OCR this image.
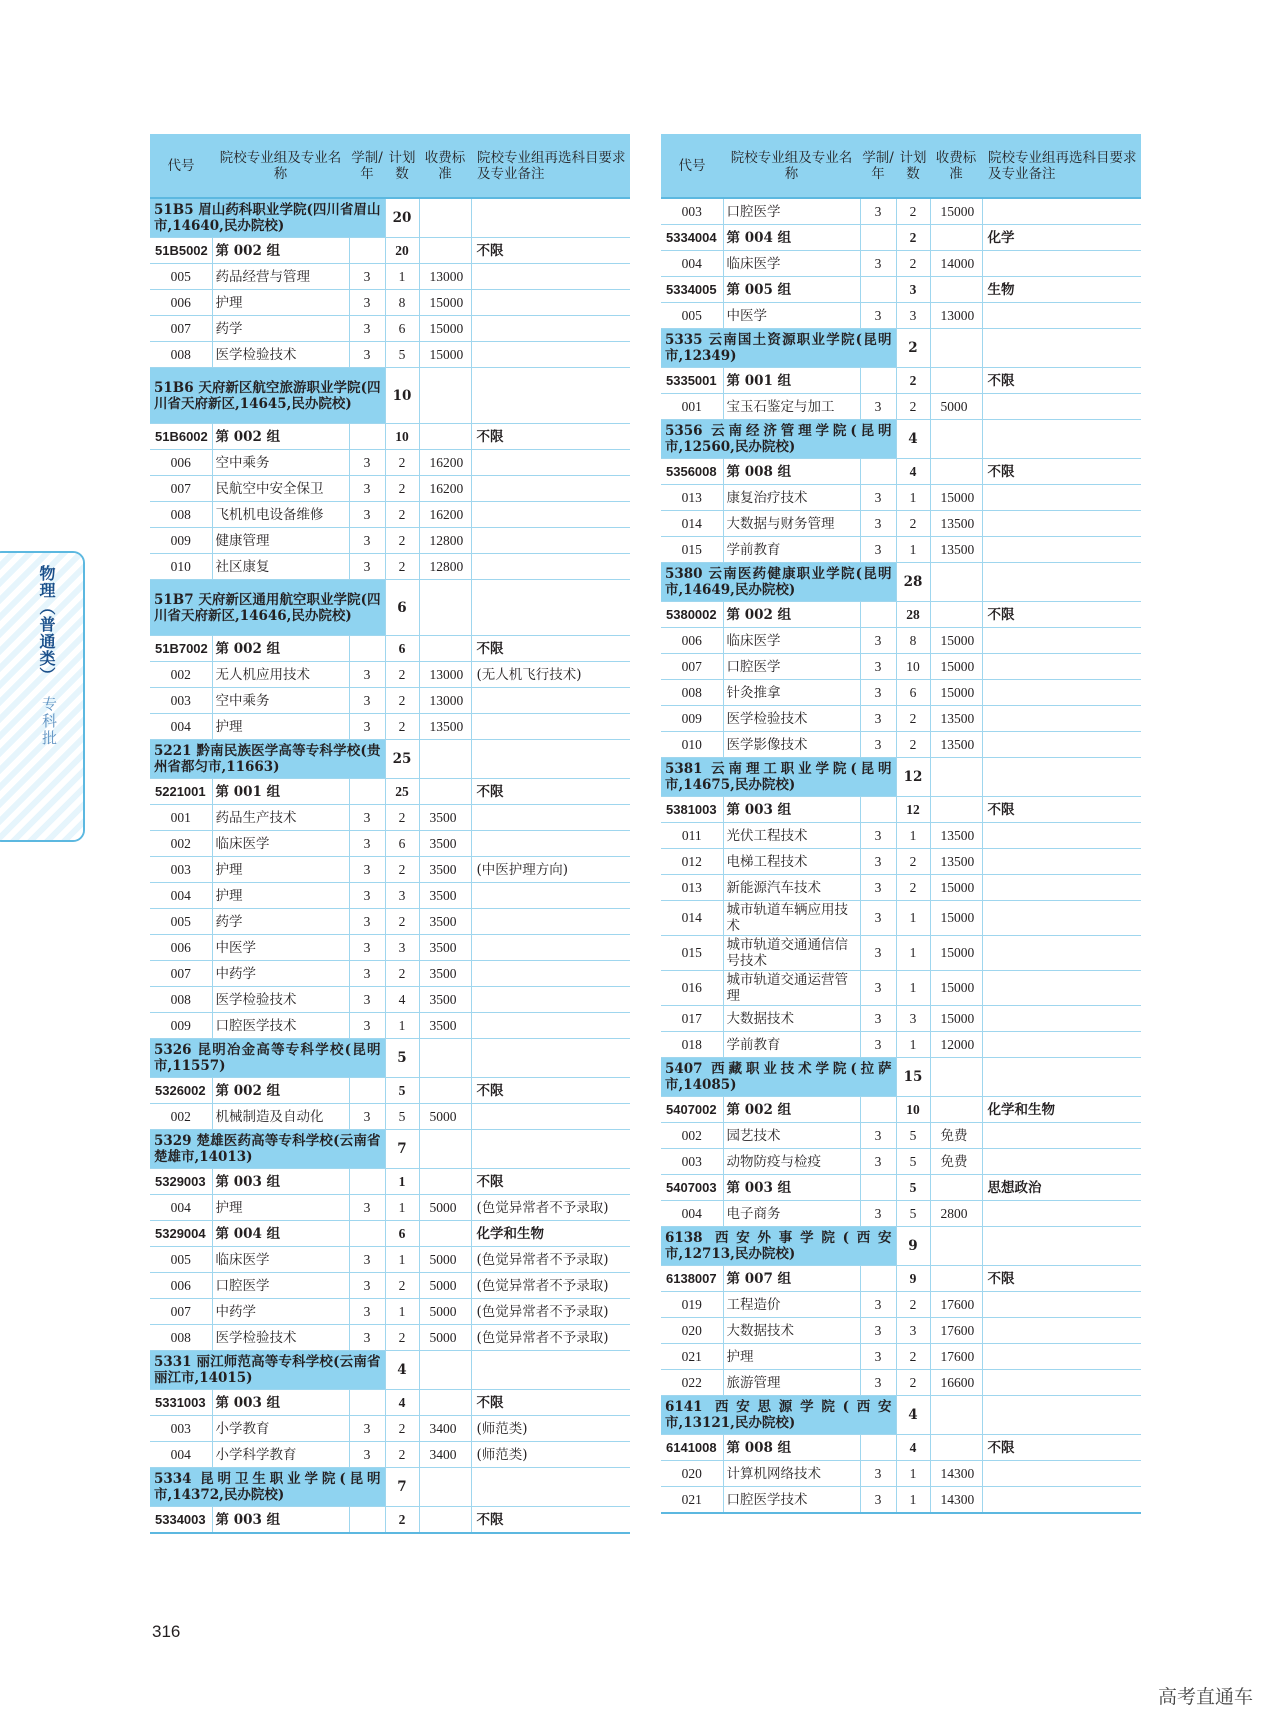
物理（普通类）
专科批
代号	院校专业组及专业名称	学制/年	计划数	收费标准	院校专业组再选科目要求及专业备注
51B5 眉山药科职业学院(四川省眉山市,14640,民办院校)			20		
51B5002	第 002 组		20		不限
005	药品经营与管理	3	1	13000	
006	护理	3	8	15000	
007	药学	3	6	15000	
008	医学检验技术	3	5	15000	
51B6 天府新区航空旅游职业学院(四川省天府新区,14645,民办院校)			10		
51B6002	第 002 组		10		不限
006	空中乘务	3	2	16200	
007	民航空中安全保卫	3	2	16200	
008	飞机机电设备维修	3	2	16200	
009	健康管理	3	2	12800	
010	社区康复	3	2	12800	
51B7 天府新区通用航空职业学院(四川省天府新区,14646,民办院校)			6		
51B7002	第 002 组		6		不限
002	无人机应用技术	3	2	13000	(无人机飞行技术)
003	空中乘务	3	2	13000	
004	护理	3	2	13500	
5221 黔南民族医学高等专科学校(贵州省都匀市,11663)			25		
5221001	第 001 组		25		不限
001	药品生产技术	3	2	3500	
002	临床医学	3	6	3500	
003	护理	3	2	3500	(中医护理方向)
004	护理	3	3	3500	
005	药学	3	2	3500	
006	中医学	3	3	3500	
007	中药学	3	2	3500	
008	医学检验技术	3	4	3500	
009	口腔医学技术	3	1	3500	
5326 昆明冶金高等专科学校(昆明市,11557)			5		
5326002	第 002 组		5		不限
002	机械制造及自动化	3	5	5000	
5329 楚雄医药高等专科学校(云南省楚雄市,14013)			7		
5329003	第 003 组		1		不限
004	护理	3	1	5000	(色觉异常者不予录取)
5329004	第 004 组		6		化学和生物
005	临床医学	3	1	5000	(色觉异常者不予录取)
006	口腔医学	3	2	5000	(色觉异常者不予录取)
007	中药学	3	1	5000	(色觉异常者不予录取)
008	医学检验技术	3	2	5000	(色觉异常者不予录取)
5331 丽江师范高等专科学校(云南省丽江市,14015)			4		
5331003	第 003 组		4		不限
003	小学教育	3	2	3400	(师范类)
004	小学科学教育	3	2	3400	(师范类)
5334 昆明卫生职业学院(昆明市,14372,民办院校)			7		
5334003	第 003 组		2		不限
代号	院校专业组及专业名称	学制/年	计划数	收费标准	院校专业组再选科目要求及专业备注
003	口腔医学	3	2	15000	
5334004	第 004 组		2		化学
004	临床医学	3	2	14000	
5334005	第 005 组		3		生物
005	中医学	3	3	13000	
5335 云南国土资源职业学院(昆明市,12349)			2		
5335001	第 001 组		2		不限
001	宝玉石鉴定与加工	3	2	5000	
5356 云南经济管理学院(昆明市,12560,民办院校)			4		
5356008	第 008 组		4		不限
013	康复治疗技术	3	1	15000	
014	大数据与财务管理	3	2	13500	
015	学前教育	3	1	13500	
5380 云南医药健康职业学院(昆明市,14649,民办院校)			28		
5380002	第 002 组		28		不限
006	临床医学	3	8	15000	
007	口腔医学	3	10	15000	
008	针灸推拿	3	6	15000	
009	医学检验技术	3	2	13500	
010	医学影像技术	3	2	13500	
5381 云南理工职业学院(昆明市,14675,民办院校)			12		
5381003	第 003 组		12		不限
011	光伏工程技术	3	1	13500	
012	电梯工程技术	3	2	13500	
013	新能源汽车技术	3	2	15000	
014	城市轨道车辆应用技术	3	1	15000	
015	城市轨道交通通信信号技术	3	1	15000	
016	城市轨道交通运营管理	3	1	15000	
017	大数据技术	3	3	15000	
018	学前教育	3	1	12000	
5407 西藏职业技术学院(拉萨市,14085)			15		
5407002	第 002 组		10		化学和生物
002	园艺技术	3	5	免费	
003	动物防疫与检疫	3	5	免费	
5407003	第 003 组		5		思想政治
004	电子商务	3	5	2800	
6138 西安外事学院(西安市,12713,民办院校)			9		
6138007	第 007 组		9		不限
019	工程造价	3	2	17600	
020	大数据技术	3	3	17600	
021	护理	3	2	17600	
022	旅游管理	3	2	16600	
6141 西安思源学院(西安市,13121,民办院校)			4		
6141008	第 008 组		4		不限
020	计算机网络技术	3	1	14300	
021	口腔医学技术	3	1	14300	
316
高考直通车
